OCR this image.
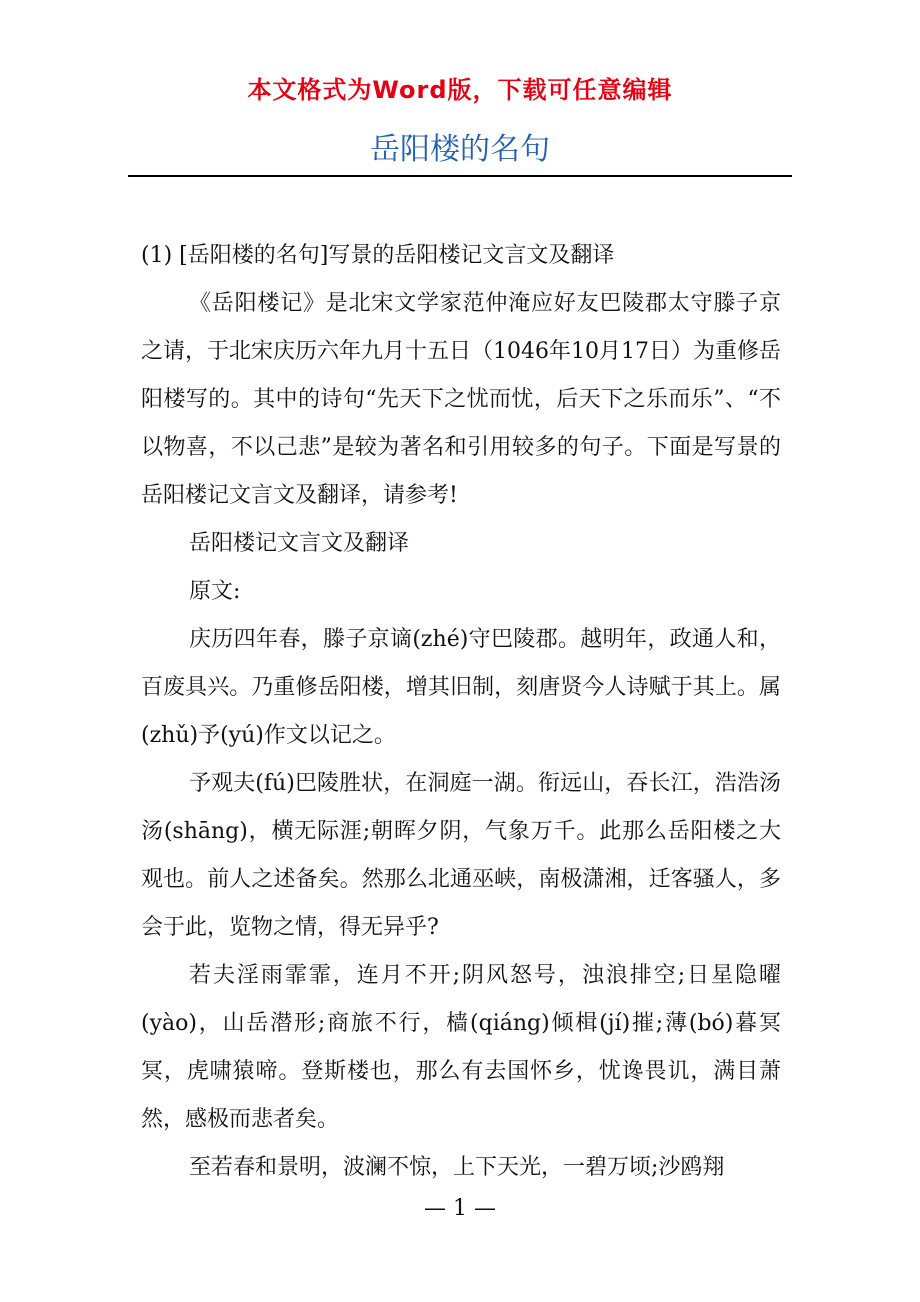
本文格式为Word版，下载可任意编辑
岳阳楼的名句

(1) [岳阳楼的名句]写景的岳阳楼记文言文及翻译

《岳阳楼记》是北宋文学家范仲淹应好友巴陵郡太守滕子京之请，于北宋庆历六年九月十五日（1046年10月17日）为重修岳阳楼写的。其中的诗句“先天下之忧而忧，后天下之乐而乐”、“不以物喜，不以己悲”是较为著名和引用较多的句子。下面是写景的岳阳楼记文言文及翻译，请参考!

岳阳楼记文言文及翻译

原文:

庆历四年春，滕子京谪(zhé)守巴陵郡。越明年，政通人和，百废具兴。乃重修岳阳楼，增其旧制，刻唐贤今人诗赋于其上。属(zhǔ)予(yú)作文以记之。

予观夫(fú)巴陵胜状，在洞庭一湖。衔远山，吞长江，浩浩汤汤(shāng)，横无际涯;朝晖夕阴，气象万千。此那么岳阳楼之大观也。前人之述备矣。然那么北通巫峡，南极潇湘，迁客骚人，多会于此，览物之情，得无异乎?

若夫淫雨霏霏，连月不开;阴风怒号，浊浪排空;日星隐曜(yào)，山岳潜形;商旅不行，樯(qiáng)倾楫(jí)摧;薄(bó)暮冥冥，虎啸猿啼。登斯楼也，那么有去国怀乡，忧谗畏讥，满目萧然，感极而悲者矣。

至若春和景明，波澜不惊，上下天光，一碧万顷;沙鸥翔

— 1 —
